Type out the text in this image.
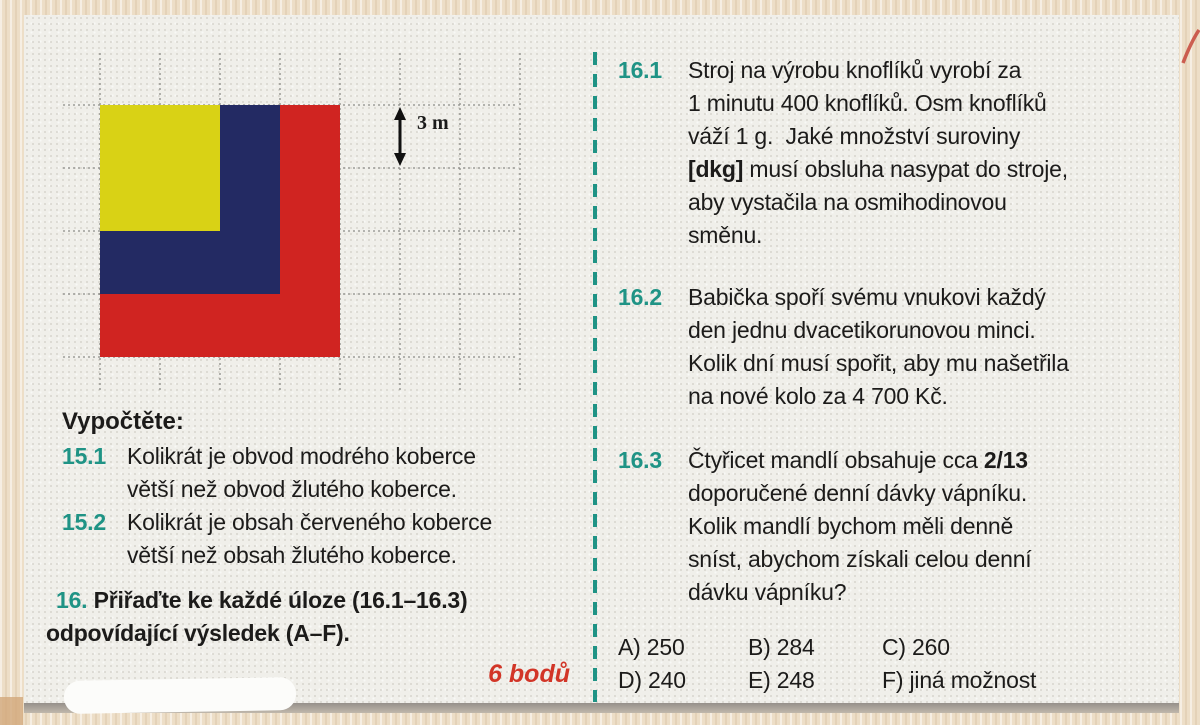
3 m
Vypočtěte:
15.1 Kolikrát je obvod modrého koberce
větší než obvod žlutého koberce.
15.2 Kolikrát je obsah červeného koberce
větší než obsah žlutého koberce.
16. Přiřaďte ke každé úloze (16.1–16.3)
odpovídající výsledek (A–F).
6 bodů
16.1 Stroj na výrobu knoflíků vyrobí za
1 minutu 400 knoflíků. Osm knoflíků
váží 1 g.  Jaké množství suroviny
[dkg] musí obsluha nasypat do stroje,
aby vystačila na osmihodinovou
směnu.
16.2 Babička spoří svému vnukovi každý
den jednu dvacetikorunovou minci.
Kolik dní musí spořit, aby mu našetřila
na nové kolo za 4 700 Kč.
16.3 Čtyřicet mandlí obsahuje cca 2/13
doporučené denní dávky vápníku.
Kolik mandlí bychom měli denně
sníst, abychom získali celou denní
dávku vápníku?
A) 250	B) 284	C) 260
D) 240	E) 248	F) jiná možnost
